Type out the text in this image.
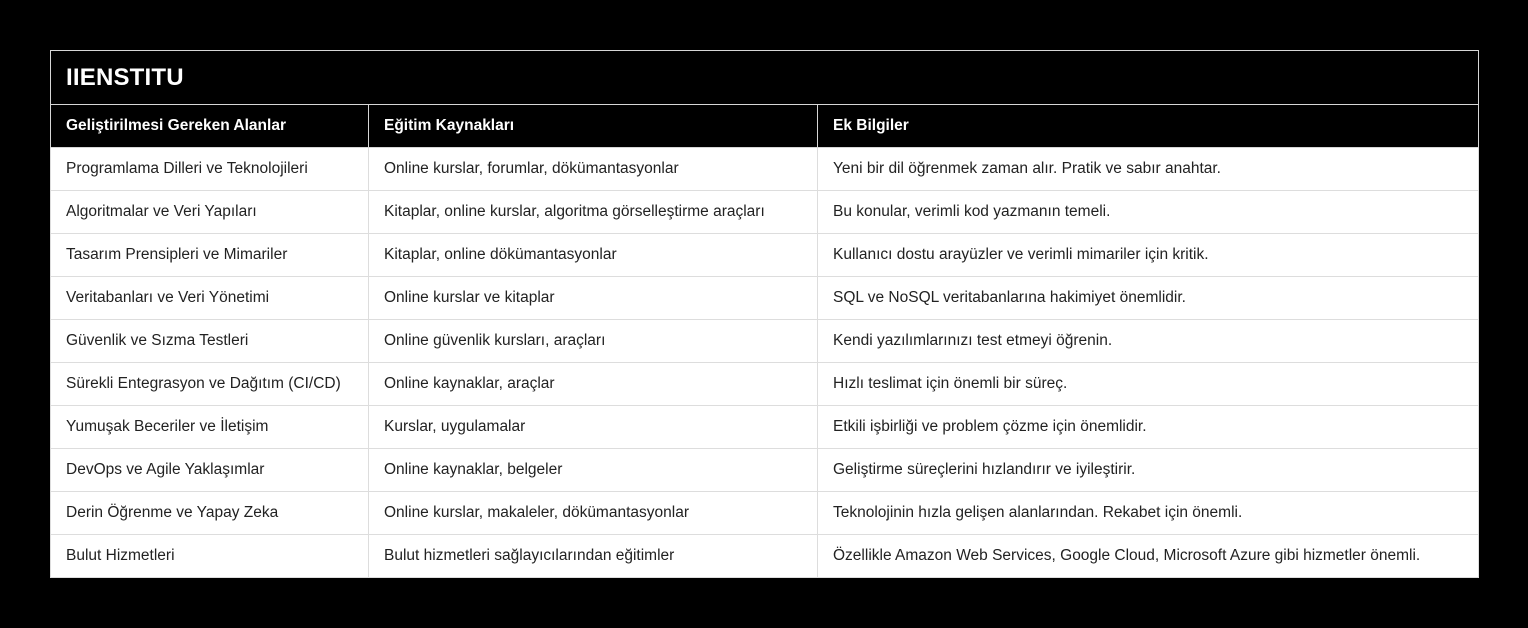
IIENSTITU		
Geliştirilmesi Gereken Alanlar	Eğitim Kaynakları	Ek Bilgiler
Programlama Dilleri ve Teknolojileri	Online kurslar, forumlar, dökümantasyonlar	Yeni bir dil öğrenmek zaman alır. Pratik ve sabır anahtar.
Algoritmalar ve Veri Yapıları	Kitaplar, online kurslar, algoritma görselleştirme araçları	Bu konular, verimli kod yazmanın temeli.
Tasarım Prensipleri ve Mimariler	Kitaplar, online dökümantasyonlar	Kullanıcı dostu arayüzler ve verimli mimariler için kritik.
Veritabanları ve Veri Yönetimi	Online kurslar ve kitaplar	SQL ve NoSQL veritabanlarına hakimiyet önemlidir.
Güvenlik ve Sızma Testleri	Online güvenlik kursları, araçları	Kendi yazılımlarınızı test etmeyi öğrenin.
Sürekli Entegrasyon ve Dağıtım (CI/CD)	Online kaynaklar, araçlar	Hızlı teslimat için önemli bir süreç.
Yumuşak Beceriler ve İletişim	Kurslar, uygulamalar	Etkili işbirliği ve problem çözme için önemlidir.
DevOps ve Agile Yaklaşımlar	Online kaynaklar, belgeler	Geliştirme süreçlerini hızlandırır ve iyileştirir.
Derin Öğrenme ve Yapay Zeka	Online kurslar, makaleler, dökümantasyonlar	Teknolojinin hızla gelişen alanlarından. Rekabet için önemli.
Bulut Hizmetleri	Bulut hizmetleri sağlayıcılarından eğitimler	Özellikle Amazon Web Services, Google Cloud, Microsoft Azure gibi hizmetler önemli.
